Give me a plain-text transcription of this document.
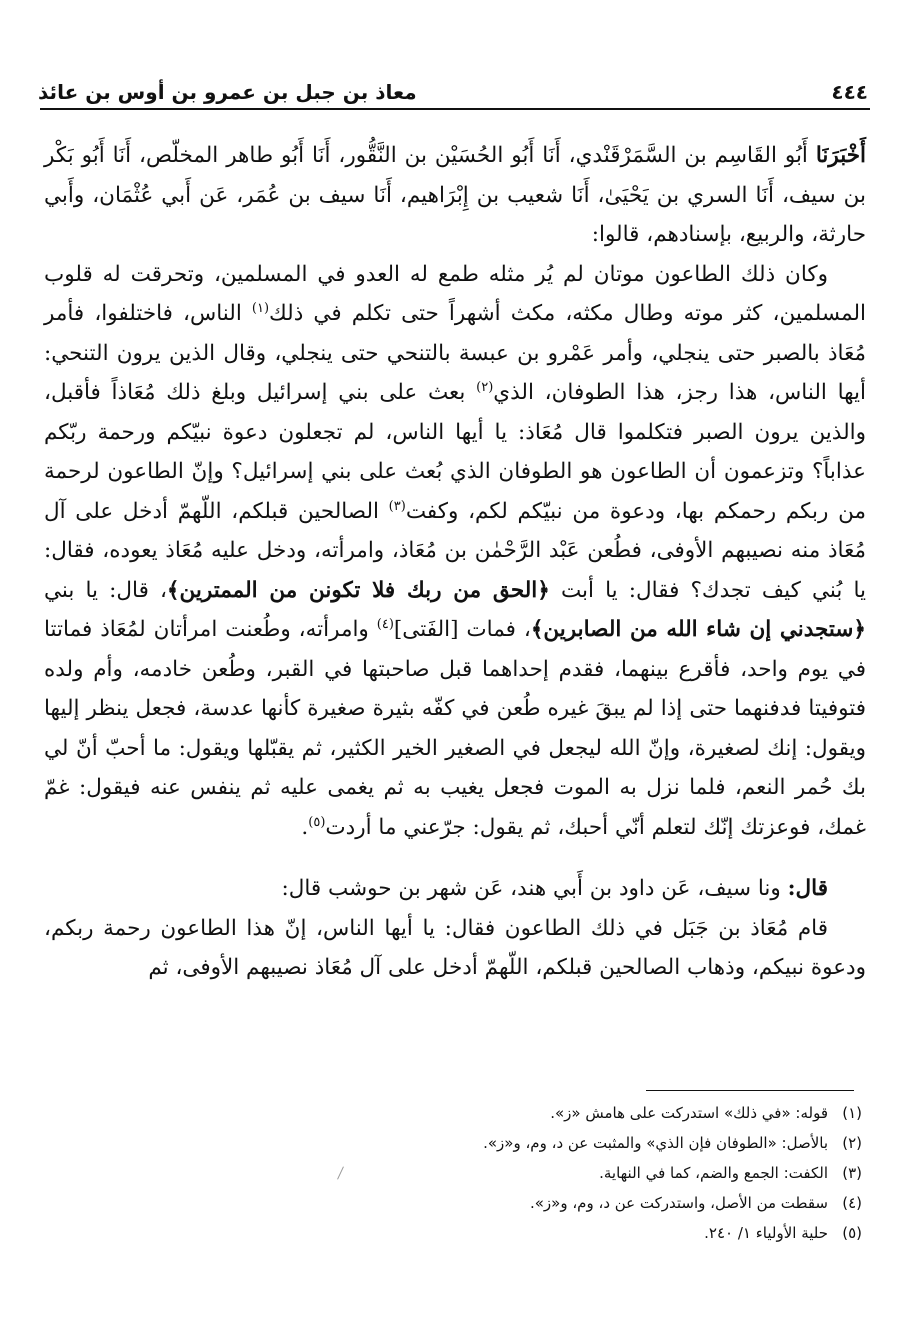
٤٤٤
معاذ بن جبل بن عمرو بن أوس بن عائذ

أَخْبَرَنَا أَبُو القَاسِم بن السَّمَرْقَنْدي، أَنَا أَبُو الحُسَيْن بن النَّقُّور، أَنَا أَبُو طاهر المخلّص، أَنَا أَبُو بَكْر بن سيف، أَنَا السري بن يَحْيَىٰ، أَنَا شعيب بن إِبْرَاهيم، أَنَا سيف بن عُمَر، عَن أَبي عُثْمَان، وأَبي حارثة، والربيع، بإسنادهم، قالوا:

وكان ذلك الطاعون موتان لم يُر مثله طمع له العدو في المسلمين، وتحرقت له قلوب المسلمين، كثر موته وطال مكثه، مكث أشهراً حتى تكلم في ذلك$^{(١)}$ الناس، فاختلفوا، فأمر مُعَاذ بالصبر حتى ينجلي، وأمر عَمْرو بن عبسة بالتنحي حتى ينجلي، وقال الذين يرون التنحي: أيها الناس، هذا رجز، هذا الطوفان، الذي$^{(٢)}$ بعث على بني إسرائيل وبلغ ذلك مُعَاذاً فأقبل، والذين يرون الصبر فتكلموا قال مُعَاذ: يا أيها الناس، لم تجعلون دعوة نبيّكم ورحمة ربّكم عذاباً؟ وتزعمون أن الطاعون هو الطوفان الذي بُعث على بني إسرائيل؟ وإنّ الطاعون لرحمة من ربكم رحمكم بها، ودعوة من نبيّكم لكم، وكفت$^{(٣)}$ الصالحين قبلكم، اللّهمّ أدخل على آل مُعَاذ منه نصيبهم الأوفى، فطُعن عَبْد الرَّحْمٰن بن مُعَاذ، وامرأته، ودخل عليه مُعَاذ يعوده، فقال: يا بُني كيف تجدك؟ فقال: يا أبت ﴿الحق من ربك فلا تكونن من الممترين﴾، قال: يا بني ﴿ستجدني إن شاء الله من الصابرين﴾، فمات [الفَتى]$^{(٤)}$ وامرأته، وطُعنت امرأتان لمُعَاذ فماتتا في يوم واحد، فأقرع بينهما، فقدم إحداهما قبل صاحبتها في القبر، وطُعن خادمه، وأم ولده فتوفيتا فدفنهما حتى إذا لم يبقَ غيره طُعن في كفّه بثيرة صغيرة كأنها عدسة، فجعل ينظر إليها ويقول: إنك لصغيرة، وإنّ الله ليجعل في الصغير الخير الكثير، ثم يقبّلها ويقول: ما أحبّ أنّ لي بك حُمر النعم، فلما نزل به الموت فجعل يغيب به ثم يغمى عليه ثم ينفس عنه فيقول: غمّ غمك، فوعزتك إنّك لتعلم أنّي أحبك، ثم يقول: جرّعني ما أردت$^{(٥)}$.

قال: ونا سيف، عَن داود بن أَبي هند، عَن شهر بن حوشب قال:

قام مُعَاذ بن جَبَل في ذلك الطاعون فقال: يا أيها الناس، إنّ هذا الطاعون رحمة ربكم، ودعوة نبيكم، وذهاب الصالحين قبلكم، اللّهمّ أدخل على آل مُعَاذ نصيبهم الأوفى، ثم

(١)
قوله: «في ذلك» استدركت على هامش «ز».
(٢)
بالأصل: «الطوفان فإن الذي» والمثبت عن د، وم، و«ز».
(٣)
الكفت: الجمع والضم، كما في النهاية.
(٤)
سقطت من الأصل، واستدركت عن د، وم، و«ز».
(٥)
حلية الأولياء ١/ ٢٤٠.
